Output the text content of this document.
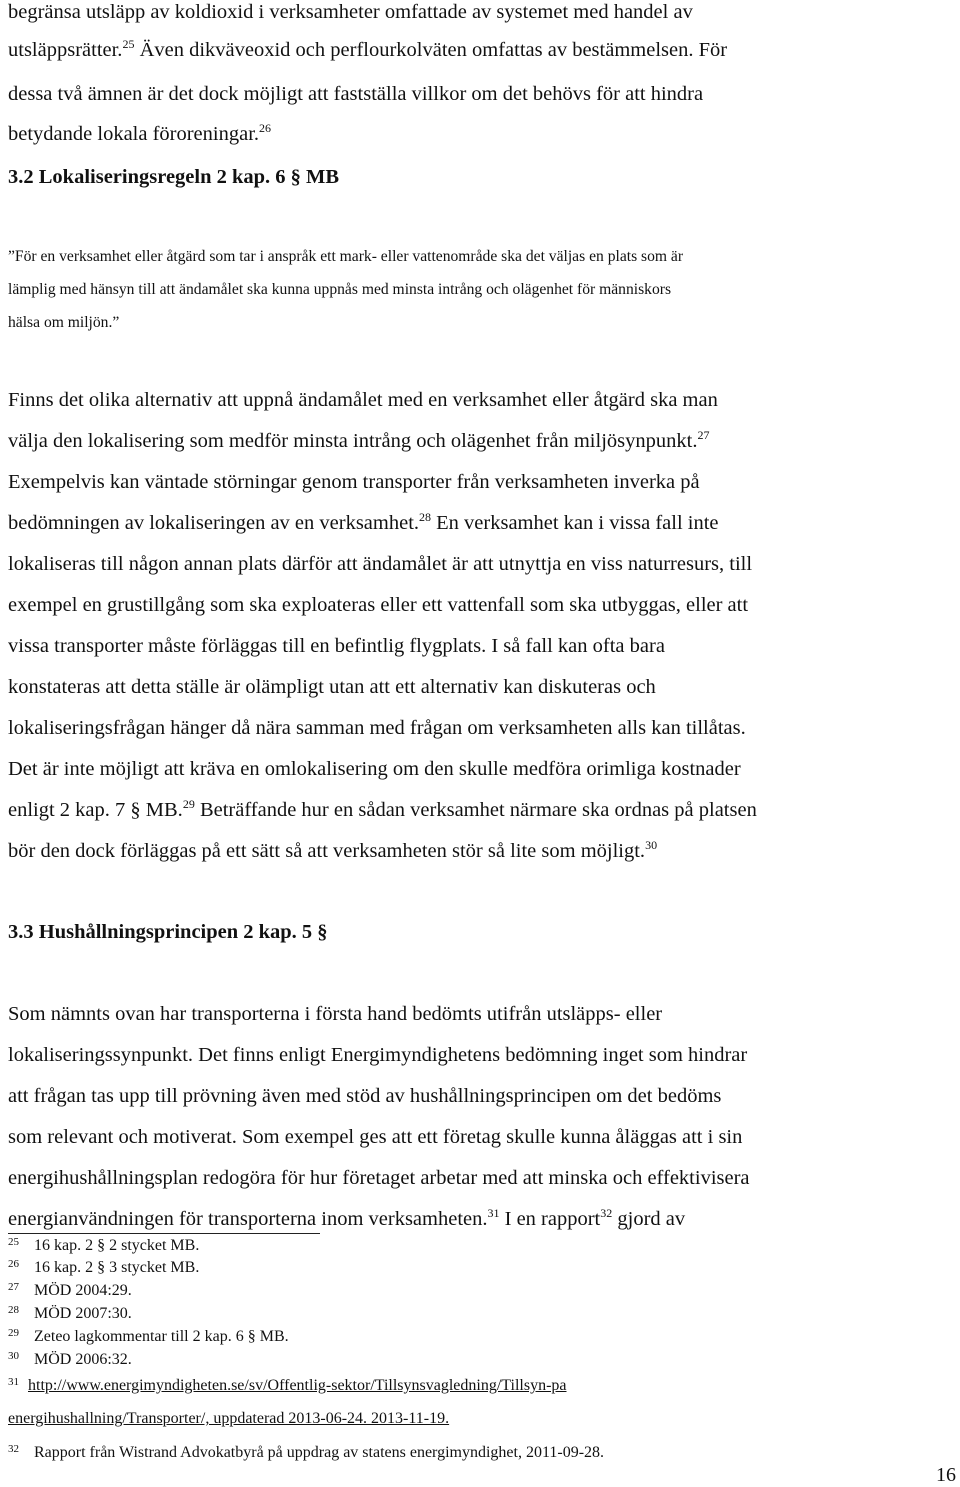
begränsa utsläpp av koldioxid i verksamheter omfattade av systemet med handel av
utsläppsrätter.$^{25}$ Även dikväveoxid och perflourkolväten omfattas av bestämmelsen. För
dessa två ämnen är det dock möjligt att fastställa villkor om det behövs för att hindra
betydande lokala föroreningar.$^{26}$
3.2 Lokaliseringsregeln 2 kap. 6 § MB
”För en verksamhet eller åtgärd som tar i anspråk ett mark- eller vattenområde ska det väljas en plats som är
lämplig med hänsyn till att ändamålet ska kunna uppnås med minsta intrång och olägenhet för människors
hälsa om miljön.”
Finns det olika alternativ att uppnå ändamålet med en verksamhet eller åtgärd ska man
välja den lokalisering som medför minsta intrång och olägenhet från miljösynpunkt.$^{27}$
Exempelvis kan väntade störningar genom transporter från verksamheten inverka på
bedömningen av lokaliseringen av en verksamhet.$^{28}$ En verksamhet kan i vissa fall inte
lokaliseras till någon annan plats därför att ändamålet är att utnyttja en viss naturresurs, till
exempel en grustillgång som ska exploateras eller ett vattenfall som ska utbyggas, eller att
vissa transporter måste förläggas till en befintlig flygplats. I så fall kan ofta bara
konstateras att detta ställe är olämpligt utan att ett alternativ kan diskuteras och
lokaliseringsfrågan hänger då nära samman med frågan om verksamheten alls kan tillåtas.
Det är inte möjligt att kräva en omlokalisering om den skulle medföra orimliga kostnader
enligt 2 kap. 7 § MB.$^{29}$ Beträffande hur en sådan verksamhet närmare ska ordnas på platsen
bör den dock förläggas på ett sätt så att verksamheten stör så lite som möjligt.$^{30}$
3.3 Hushållningsprincipen 2 kap. 5 §
Som nämnts ovan har transporterna i första hand bedömts utifrån utsläpps- eller
lokaliseringssynpunkt. Det finns enligt Energimyndighetens bedömning inget som hindrar
att frågan tas upp till prövning även med stöd av hushållningsprincipen om det bedöms
som relevant och motiverat. Som exempel ges att ett företag skulle kunna åläggas att i sin
energihushållningsplan redogöra för hur företaget arbetar med att minska och effektivisera
energianvändningen för transporterna inom verksamheten.$^{31}$ I en rapport$^{32}$ gjord av
25 16 kap. 2 § 2 stycket MB.
26 16 kap. 2 § 3 stycket MB.
27 MÖD 2004:29.
28 MÖD 2007:30.
29 Zeteo lagkommentar till 2 kap. 6 § MB.
30 MÖD 2006:32.
31 http://www.energimyndigheten.se/sv/Offentlig-sektor/Tillsynsvagledning/Tillsyn-pa
energihushallning/Transporter/, uppdaterad 2013-06-24. 2013-11-19.
32 Rapport från Wistrand Advokatbyrå på uppdrag av statens energimyndighet, 2011-09-28.
16
